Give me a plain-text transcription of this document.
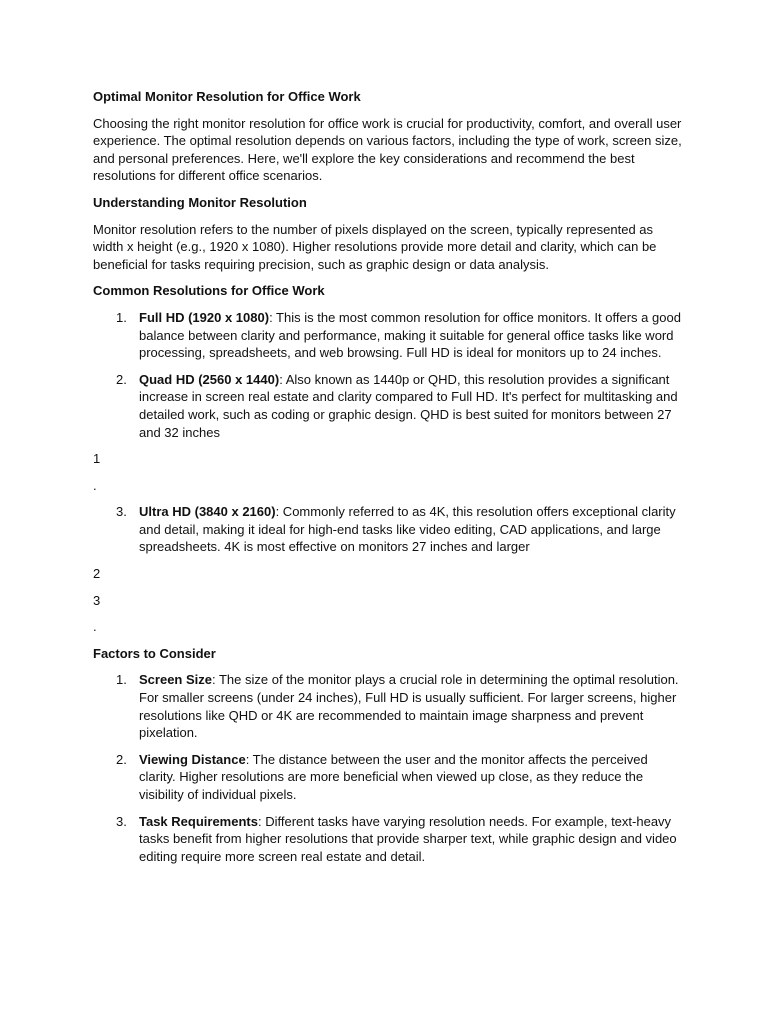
Optimal Monitor Resolution for Office Work

Choosing the right monitor resolution for office work is crucial for productivity, comfort, and overall user experience. The optimal resolution depends on various factors, including the type of work, screen size, and personal preferences. Here, we'll explore the key considerations and recommend the best resolutions for different office scenarios.

Understanding Monitor Resolution

Monitor resolution refers to the number of pixels displayed on the screen, typically represented as width x height (e.g., 1920 x 1080). Higher resolutions provide more detail and clarity, which can be beneficial for tasks requiring precision, such as graphic design or data analysis.

Common Resolutions for Office Work
1. Full HD (1920 x 1080): This is the most common resolution for office monitors. It offers a good balance between clarity and performance, making it suitable for general office tasks like word processing, spreadsheets, and web browsing. Full HD is ideal for monitors up to 24 inches.
2. Quad HD (2560 x 1440): Also known as 1440p or QHD, this resolution provides a significant increase in screen real estate and clarity compared to Full HD. It's perfect for multitasking and detailed work, such as coding or graphic design. QHD is best suited for monitors between 27 and 32 inches

1

.

3. Ultra HD (3840 x 2160): Commonly referred to as 4K, this resolution offers exceptional clarity and detail, making it ideal for high-end tasks like video editing, CAD applications, and large spreadsheets. 4K is most effective on monitors 27 inches and larger

2

3

.

Factors to Consider
1. Screen Size: The size of the monitor plays a crucial role in determining the optimal resolution. For smaller screens (under 24 inches), Full HD is usually sufficient. For larger screens, higher resolutions like QHD or 4K are recommended to maintain image sharpness and prevent pixelation.
2. Viewing Distance: The distance between the user and the monitor affects the perceived clarity. Higher resolutions are more beneficial when viewed up close, as they reduce the visibility of individual pixels.
3. Task Requirements: Different tasks have varying resolution needs. For example, text-heavy tasks benefit from higher resolutions that provide sharper text, while graphic design and video editing require more screen real estate and detail.
